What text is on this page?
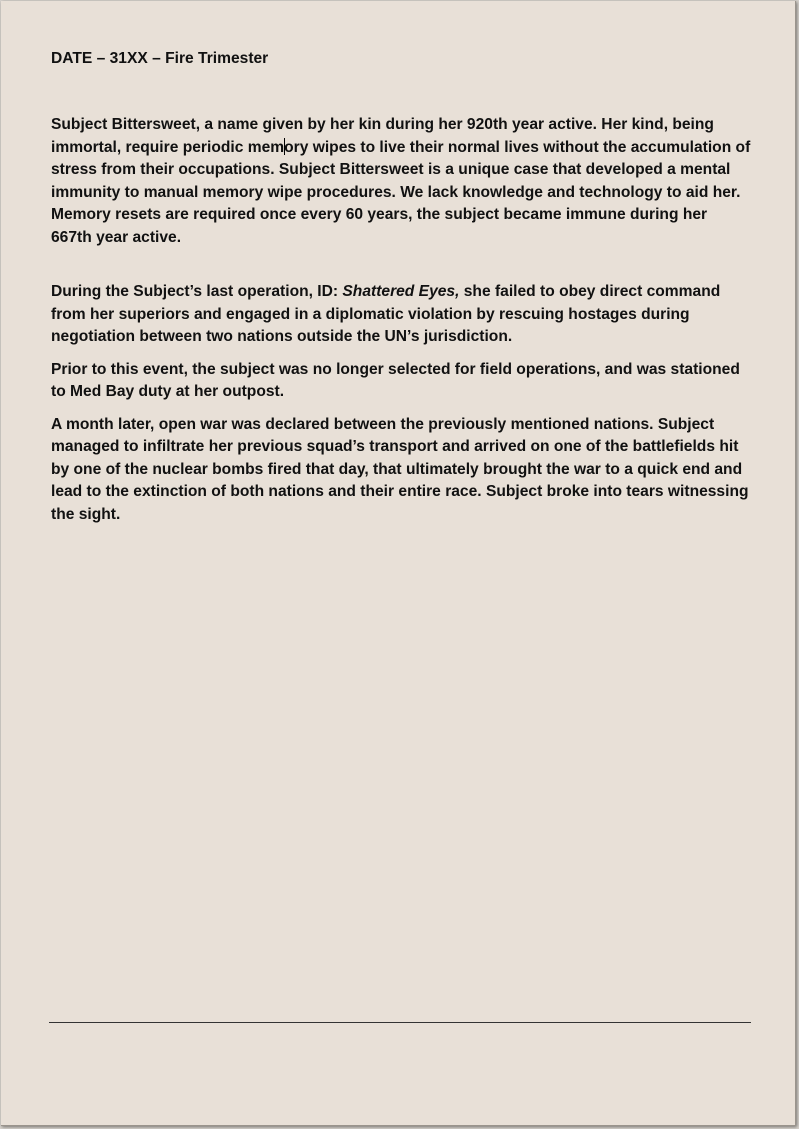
DATE – 31XX – Fire Trimester

Subject Bittersweet, a name given by her kin during her 920th year active. Her kind, being immortal, require periodic memory wipes to live their normal lives without the accumulation of stress from their occupations. Subject Bittersweet is a unique case that developed a mental immunity to manual memory wipe procedures. We lack knowledge and technology to aid her. Memory resets are required once every 60 years, the subject became immune during her 667th year active.

During the Subject’s last operation, ID: Shattered Eyes, she failed to obey direct command from her superiors and engaged in a diplomatic violation by rescuing hostages during negotiation between two nations outside the UN’s jurisdiction.

Prior to this event, the subject was no longer selected for field operations, and was stationed to Med Bay duty at her outpost.

A month later, open war was declared between the previously mentioned nations. Subject managed to infiltrate her previous squad’s transport and arrived on one of the battlefields hit by one of the nuclear bombs fired that day, that ultimately brought the war to a quick end and lead to the extinction of both nations and their entire race. Subject broke into tears witnessing the sight.
